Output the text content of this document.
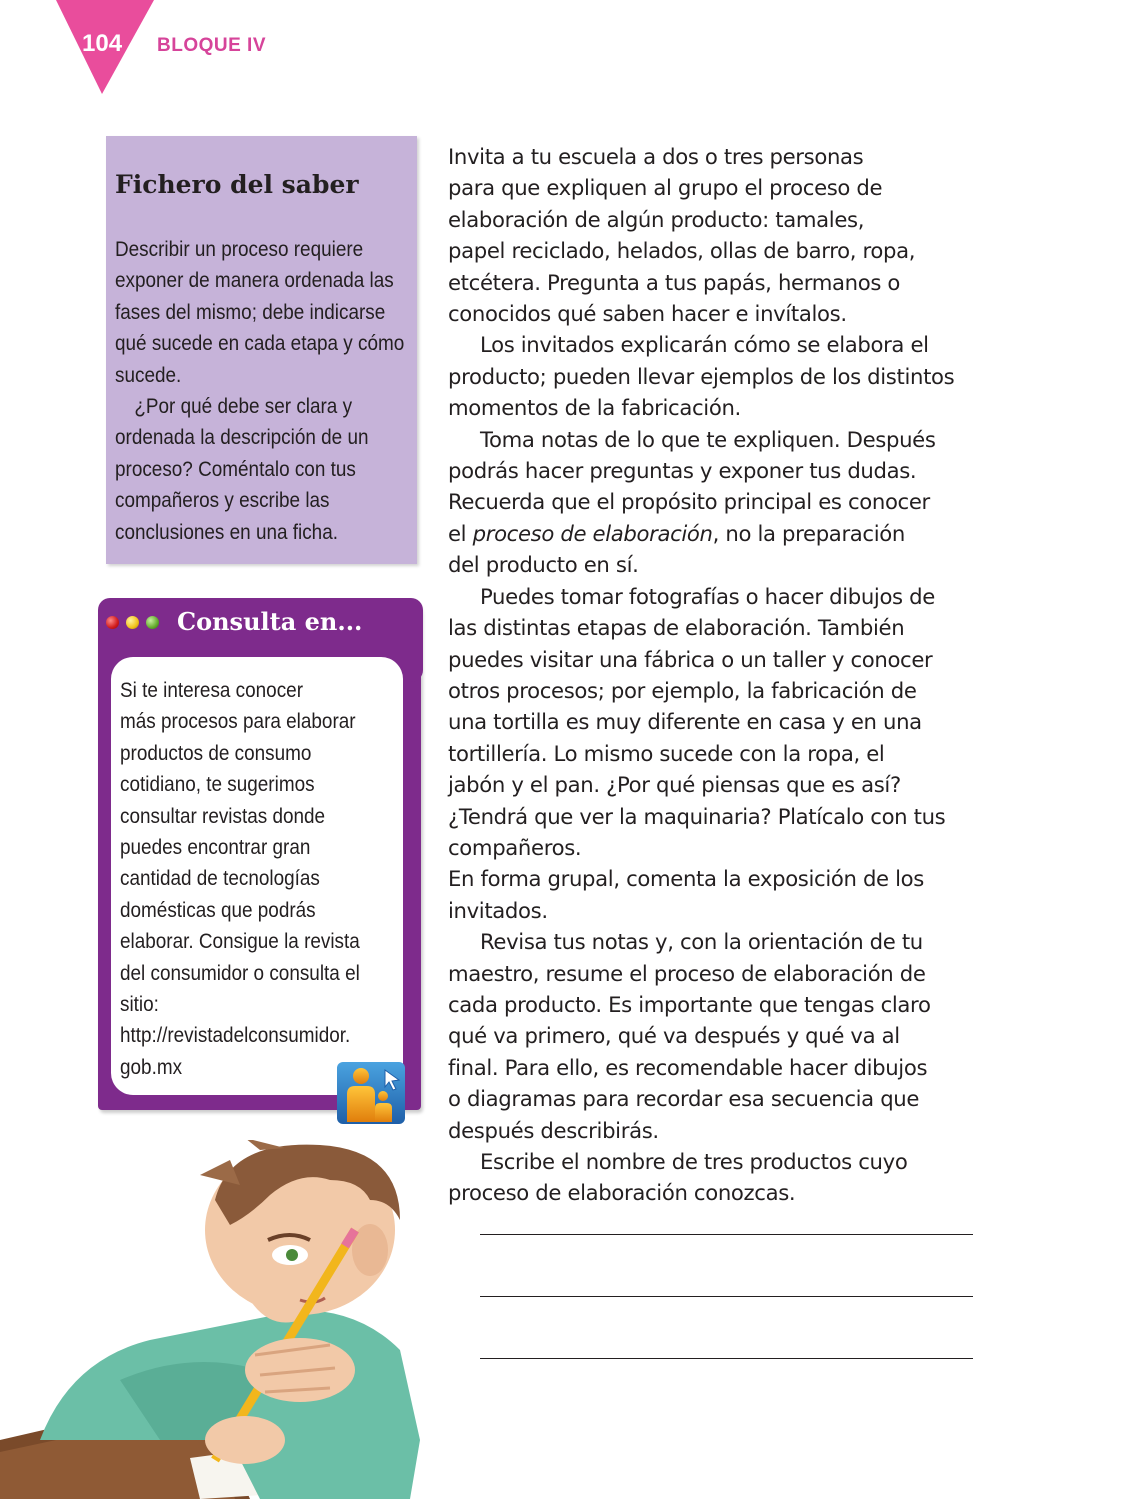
104 BLOQUE IV
Fichero del saber

Describir un proceso requiere exponer de manera ordenada las fases del mismo; debe indicarse qué sucede en cada etapa y cómo sucede.

¿Por qué debe ser clara y ordenada la descripción de un proceso? Coméntalo con tus compañeros y escribe las conclusiones en una ficha.

Consulta en...
Si te interesa conocer
más procesos para elaborar
productos de consumo
cotidiano, te sugerimos
consultar revistas donde
puedes encontrar gran
cantidad de tecnologías
domésticas que podrás
elaborar. Consigue la revista
del consumidor o consulta el
sitio:
http://revistadelconsumidor.
gob.mx
Invita a tu escuela a dos o tres personas
para que expliquen al grupo el proceso de
elaboración de algún producto: tamales,
papel reciclado, helados, ollas de barro, ropa,
etcétera. Pregunta a tus papás, hermanos o
conocidos qué saben hacer e invítalos.
Los invitados explicarán cómo se elabora el
producto; pueden llevar ejemplos de los distintos
momentos de la fabricación.
Toma notas de lo que te expliquen. Después
podrás hacer preguntas y exponer tus dudas.
Recuerda que el propósito principal es conocer
el proceso de elaboración, no la preparación
del producto en sí.
Puedes tomar fotografías o hacer dibujos de
las distintas etapas de elaboración. También
puedes visitar una fábrica o un taller y conocer
otros procesos; por ejemplo, la fabricación de
una tortilla es muy diferente en casa y en una
tortillería. Lo mismo sucede con la ropa, el
jabón y el pan. ¿Por qué piensas que es así?
¿Tendrá que ver la maquinaria? Platícalo con tus
compañeros.
En forma grupal, comenta la exposición de los
invitados.
Revisa tus notas y, con la orientación de tu
maestro, resume el proceso de elaboración de
cada producto. Es importante que tengas claro
qué va primero, qué va después y qué va al
final. Para ello, es recomendable hacer dibujos
o diagramas para recordar esa secuencia que
después describirás.
Escribe el nombre de tres productos cuyo
proceso de elaboración conozcas.
